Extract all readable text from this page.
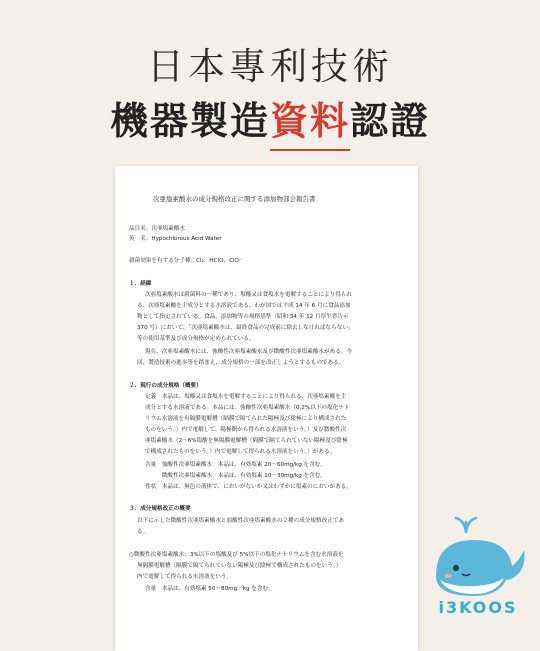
日本專利技術
機器製造資料認證
次亜塩素酸水の成分規格改正に関する添加物部会報告書
品目名：次亜塩素酸水
英　名：Hypochlorous Acid Water
殺菌効果を有する分子種：Cl₂、HClO、ClO⁻
１．経緯
次亜塩素酸水は殺菌料の一種であり、塩酸又は食塩水を電解することにより得られ
る、次亜塩素酸を主成分とする水溶液である。わが国では平成 14 年 6 月に食品添加
物として指定されている。食品、添加物等の規格基準（昭和 34 年 12 月厚生省告示
370 号）において、「次亜塩素酸水は、最終食品の完成前に除去しなければならない」
等の使用基準及び成分規格が定められている。
現在、次亜塩素酸水には、強酸性次亜塩素酸水及び微酸性次亜塩素酸水がある。今
回、製造技術の進歩等を踏まえ、成分規格の一部を改正しようとするものである。
２．現行の成分規格（概要）
定義　本品は、塩酸又は食塩水を電解することにより得られる、次亜塩素酸を主
成分とする水溶液である。本品には、強酸性次亜塩素酸水（0.2%以下の塩化ナト
リウム水溶液を有隔膜電解槽（隔膜で隔てられた陽極及び陰極により構成された
ものをいう。）内で電解して、陽極側から得られる水溶液をいう。）及び微酸性次
亜塩素酸水（2～6%塩酸を無隔膜電解槽（隔膜で隔てられていない陽極及び陰極
で構成されたものをいう。）内で電解して得られる水溶液をいう。）がある。
含量　強酸性次亜塩素酸水　本品は、有効塩素 20～60mg/kg を含む。
　　　微酸性次亜塩素酸水　本品は、有効塩素 10～30mg/kg を含む。
性状　本品は、無色の液体で、においがないか又はわずかに塩素のにおいがある。
３．成分規格改正の概要
以下に示した微酸性次亜塩素酸水と弱酸性次亜塩素酸水の２種の成分規格改正であ
る。
○微酸性次亜塩素酸水：3%以下の塩酸及び 5%以下の塩化ナトリウムを含む水溶液を
無隔膜電解槽（隔膜で隔てられていない陽極及び陰極で構成されたものをいう。）
内で電解して得られる水溶液をいう。
含量　本品は、有効塩素 50～80mg／kg を含む。
i3KOOS
